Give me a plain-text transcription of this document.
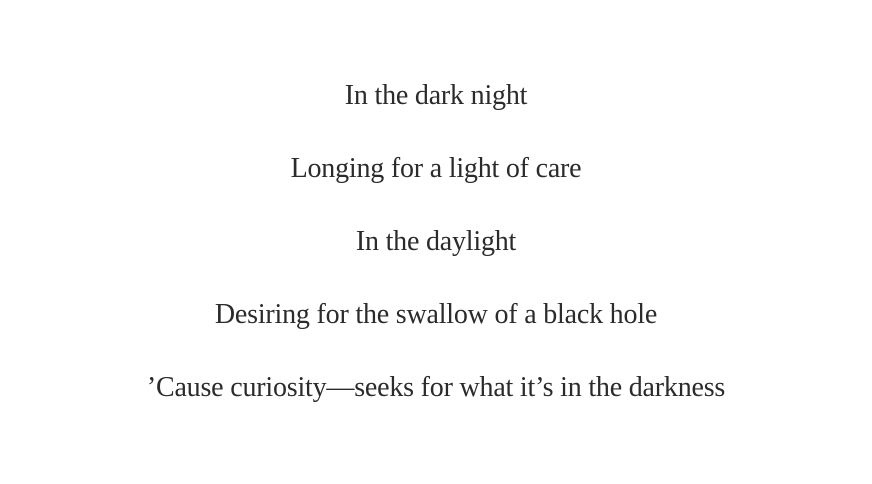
In the dark night
Longing for a light of care
In the daylight
Desiring for the swallow of a black hole
’Cause curiosity—seeks for what it’s in the darkness
